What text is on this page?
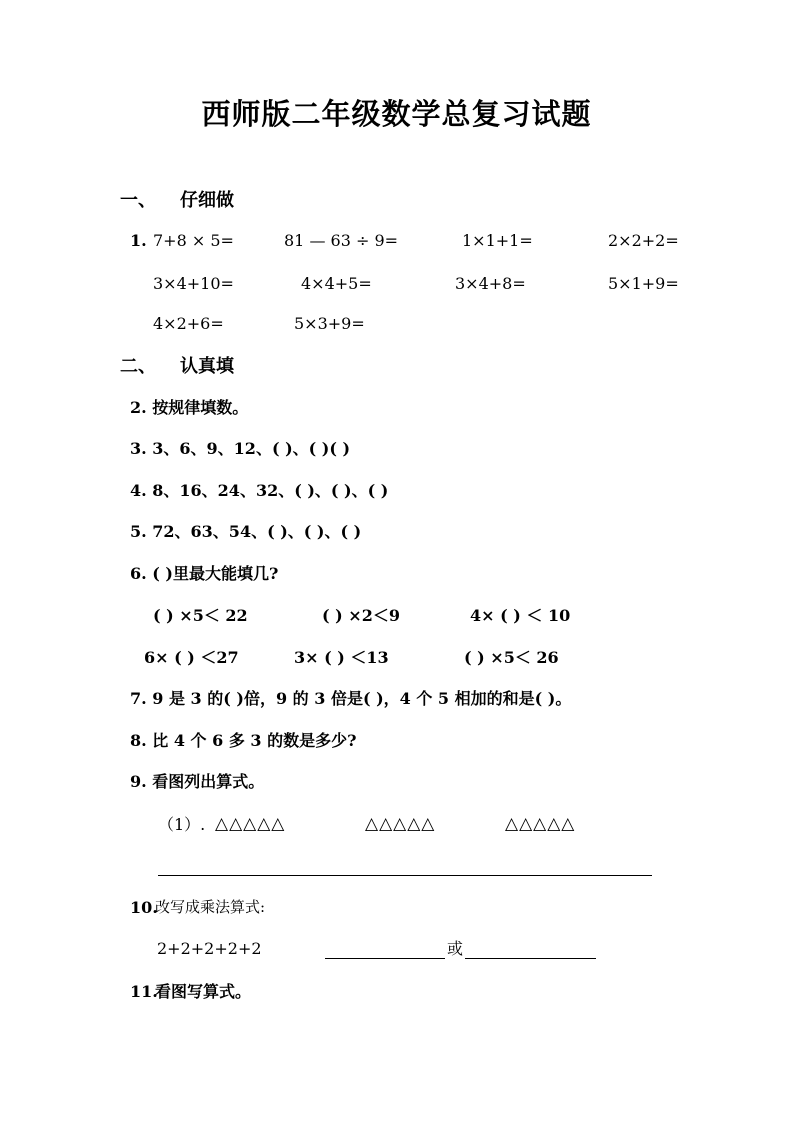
西师版二年级数学总复习试题
一、 仔细做
1. 7+8 × 5=	81 — 63 ÷ 9=	1×1+1=	2×2+2=
3×4+10=	4×4+5=	3×4+8=	5×1+9=
4×2+6=	5×3+9=
二、 认真填
2. 按规律填数。
3. 3、6、9、12、( )、( )( )
4. 8、16、24、32、( )、( )、( )
5. 72、63、54、( )、( )、( )
6. ( )里最大能填几?
( ) ×5＜ 22	( ) ×2＜9	4× ( ) ＜ 10
6× ( ) ＜27	3× ( ) ＜13	( ) ×5＜ 26
7. 9 是 3 的( )倍，9 的 3 倍是( )，4 个 5 相加的和是( )。
8. 比 4 个 6 多 3 的数是多少?
9. 看图列出算式。
（1）. △△△△△	△△△△△	△△△△△
10.
改写成乘法算式:
2+2+2+2+2	或
11.
看图写算式。
